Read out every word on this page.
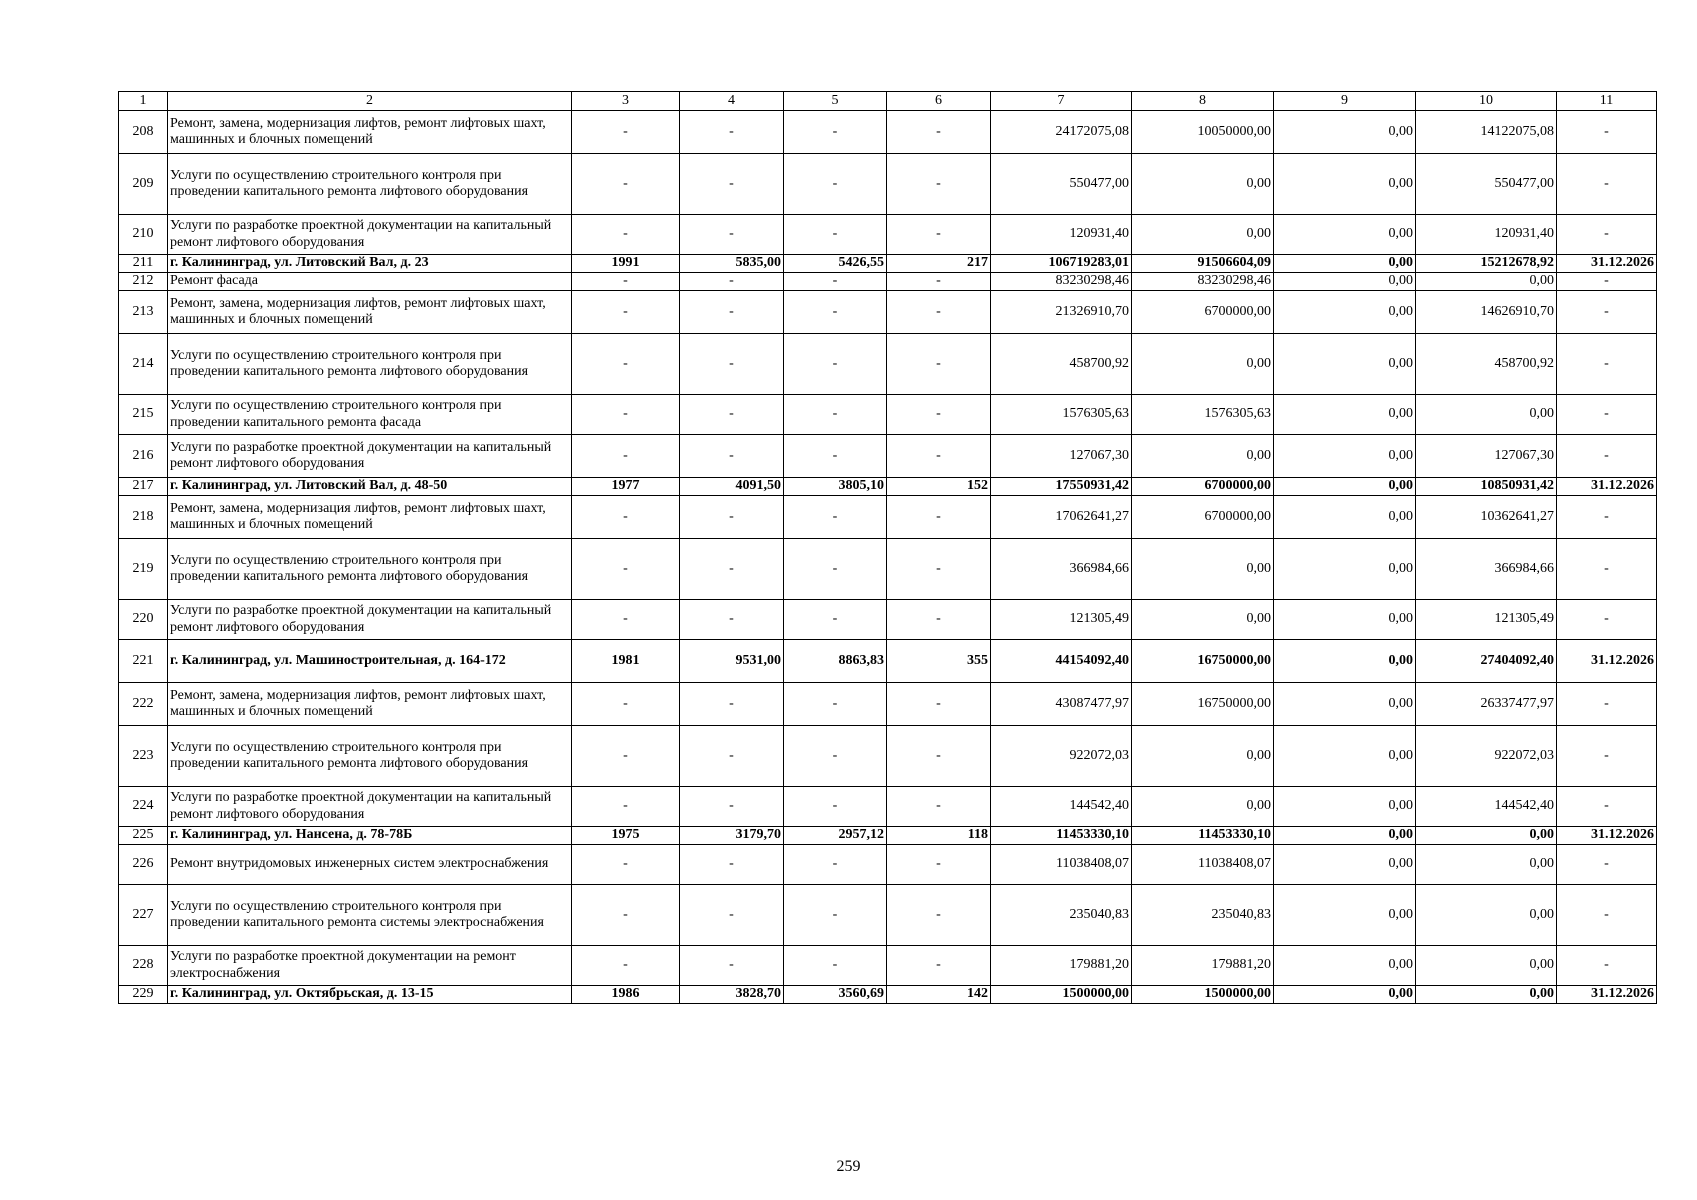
1	2	3	4	5	6	7	8	9	10	11
208	Ремонт, замена, модернизация лифтов, ремонт лифтовых шахт, машинных и блочных помещений	-	-	-	-	24172075,08	10050000,00	0,00	14122075,08	-
209	Услуги по осуществлению строительного контроля при проведении капитального ремонта лифтового оборудования	-	-	-	-	550477,00	0,00	0,00	550477,00	-
210	Услуги по разработке проектной документации на капитальный ремонт лифтового оборудования	-	-	-	-	120931,40	0,00	0,00	120931,40	-
211	г. Калининград, ул. Литовский Вал, д. 23	1991	5835,00	5426,55	217	106719283,01	91506604,09	0,00	15212678,92	31.12.2026
212	Ремонт фасада	-	-	-	-	83230298,46	83230298,46	0,00	0,00	-
213	Ремонт, замена, модернизация лифтов, ремонт лифтовых шахт, машинных и блочных помещений	-	-	-	-	21326910,70	6700000,00	0,00	14626910,70	-
214	Услуги по осуществлению строительного контроля при проведении капитального ремонта лифтового оборудования	-	-	-	-	458700,92	0,00	0,00	458700,92	-
215	Услуги по осуществлению строительного контроля при проведении капитального ремонта фасада	-	-	-	-	1576305,63	1576305,63	0,00	0,00	-
216	Услуги по разработке проектной документации на капитальный ремонт лифтового оборудования	-	-	-	-	127067,30	0,00	0,00	127067,30	-
217	г. Калининград, ул. Литовский Вал, д. 48-50	1977	4091,50	3805,10	152	17550931,42	6700000,00	0,00	10850931,42	31.12.2026
218	Ремонт, замена, модернизация лифтов, ремонт лифтовых шахт, машинных и блочных помещений	-	-	-	-	17062641,27	6700000,00	0,00	10362641,27	-
219	Услуги по осуществлению строительного контроля при проведении капитального ремонта лифтового оборудования	-	-	-	-	366984,66	0,00	0,00	366984,66	-
220	Услуги по разработке проектной документации на капитальный ремонт лифтового оборудования	-	-	-	-	121305,49	0,00	0,00	121305,49	-
221	г. Калининград, ул. Машиностроительная, д. 164-172	1981	9531,00	8863,83	355	44154092,40	16750000,00	0,00	27404092,40	31.12.2026
222	Ремонт, замена, модернизация лифтов, ремонт лифтовых шахт, машинных и блочных помещений	-	-	-	-	43087477,97	16750000,00	0,00	26337477,97	-
223	Услуги по осуществлению строительного контроля при проведении капитального ремонта лифтового оборудования	-	-	-	-	922072,03	0,00	0,00	922072,03	-
224	Услуги по разработке проектной документации на капитальный ремонт лифтового оборудования	-	-	-	-	144542,40	0,00	0,00	144542,40	-
225	г. Калининград, ул. Нансена, д. 78-78Б	1975	3179,70	2957,12	118	11453330,10	11453330,10	0,00	0,00	31.12.2026
226	Ремонт внутридомовых инженерных систем электроснабжения	-	-	-	-	11038408,07	11038408,07	0,00	0,00	-
227	Услуги по осуществлению строительного контроля при проведении капитального ремонта системы электроснабжения	-	-	-	-	235040,83	235040,83	0,00	0,00	-
228	Услуги по разработке проектной документации на ремонт электроснабжения	-	-	-	-	179881,20	179881,20	0,00	0,00	-
229	г. Калининград, ул. Октябрьская, д. 13-15	1986	3828,70	3560,69	142	1500000,00	1500000,00	0,00	0,00	31.12.2026
259
